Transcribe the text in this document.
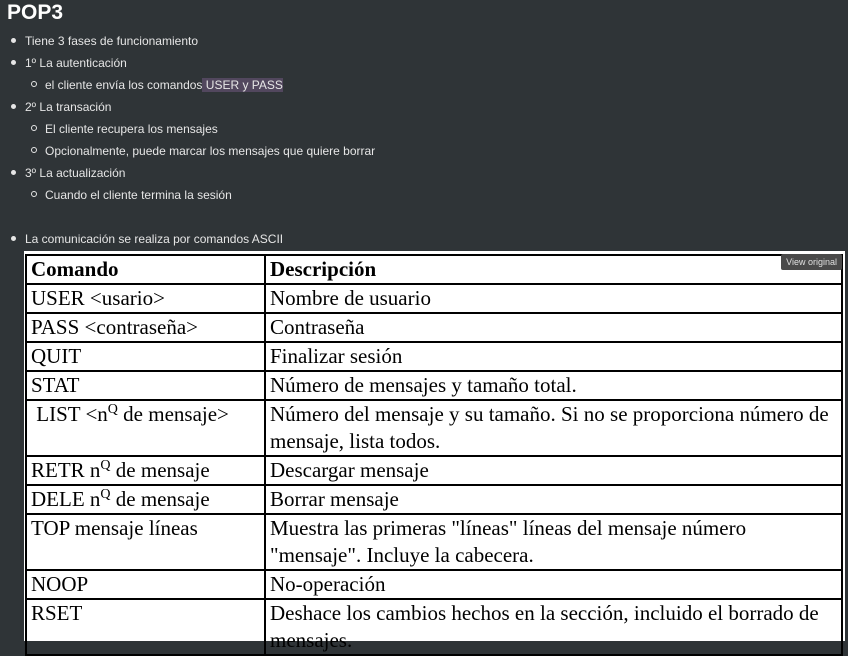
POP3
Tiene 3 fases de funcionamiento
1º La autenticación
el cliente envía los comandos USER y PASS
2º La transación
El cliente recupera los mensajes
Opcionalmente, puede marcar los mensajes que quiere borrar
3º La actualización
Cuando el cliente termina la sesión
La comunicación se realiza por comandos ASCII
Comando	Descripción
USER <usario>	Nombre de usuario
PASS <contraseña>	Contraseña
QUIT	Finalizar sesión
STAT	Número de mensajes y tamaño total.
LIST $<n^Q$ de mensaje>	Número del mensaje y su tamaño. Si no se proporciona número de mensaje, lista todos.
RETR $n^Q$ de mensaje	Descargar mensaje
DELE $n^Q$ de mensaje	Borrar mensaje
TOP mensaje líneas	Muestra las primeras "líneas" líneas del mensaje número "mensaje". Incluye la cabecera.
NOOP	No-operación
RSET	Deshace los cambios hechos en la sección, incluido el borrado de mensajes.
View original
